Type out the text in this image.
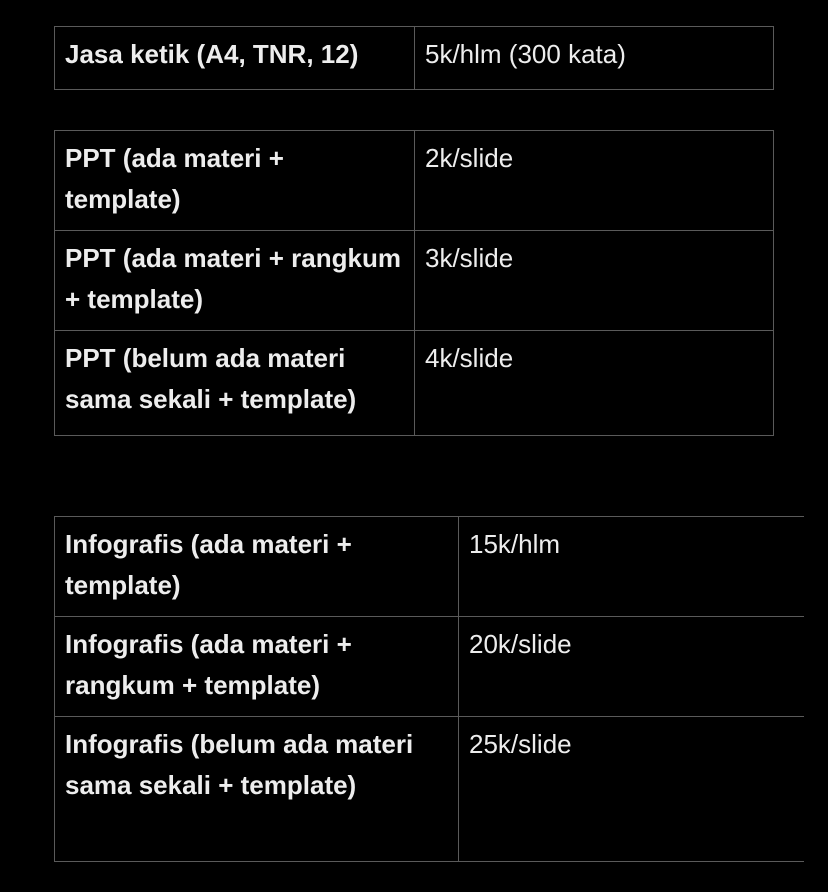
Jasa ketik (A4, TNR, 12)	5k/hlm (300 kata)
PPT (ada materi + template)	2k/slide
PPT (ada materi + rangkum + template)	3k/slide
PPT (belum ada materi sama sekali + template)	4k/slide
Infografis (ada materi + template)	15k/hlm
Infografis (ada materi + rangkum + template)	20k/slide
Infografis (belum ada materi sama sekali + template)	25k/slide
